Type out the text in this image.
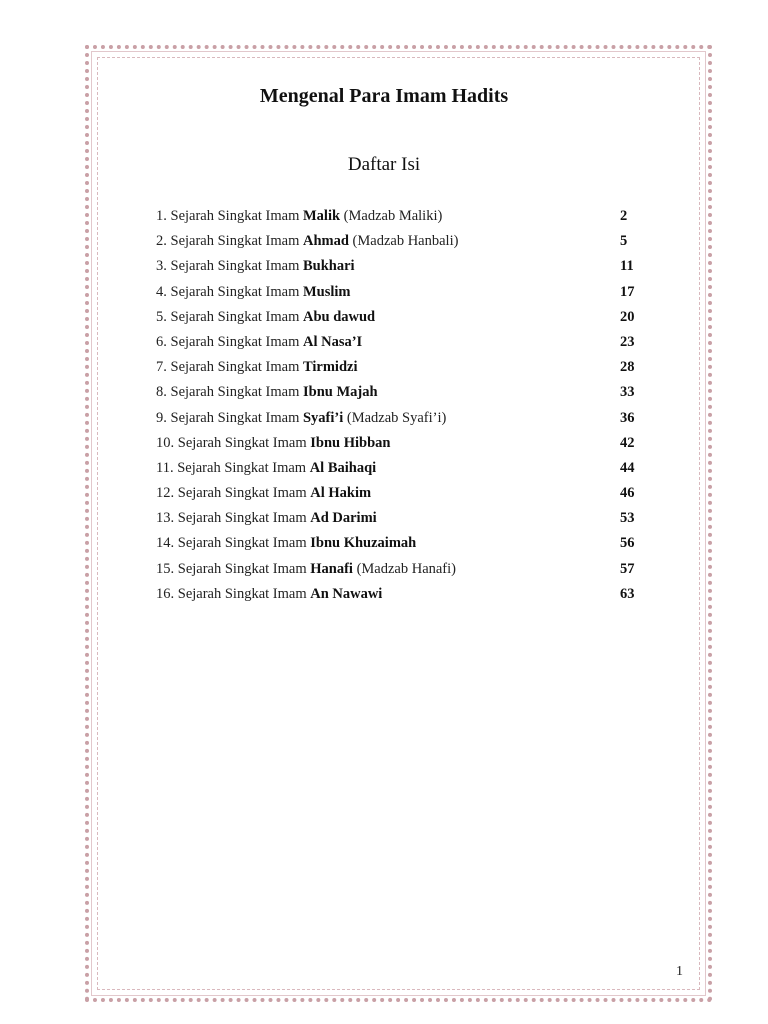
Mengenal Para Imam Hadits
Daftar Isi
1. Sejarah Singkat Imam Malik (Madzab Maliki)	2
2. Sejarah Singkat Imam Ahmad (Madzab Hanbali)	5
3. Sejarah Singkat Imam Bukhari	11
4. Sejarah Singkat Imam Muslim	17
5. Sejarah Singkat Imam Abu dawud	20
6. Sejarah Singkat Imam Al Nasa’I	23
7. Sejarah Singkat Imam Tirmidzi	28
8. Sejarah Singkat Imam Ibnu Majah	33
9. Sejarah Singkat Imam Syafi’i (Madzab Syafi’i)	36
10. Sejarah Singkat Imam Ibnu Hibban	42
11. Sejarah Singkat Imam Al Baihaqi	44
12. Sejarah Singkat Imam Al Hakim	46
13. Sejarah Singkat Imam Ad Darimi	53
14. Sejarah Singkat Imam Ibnu Khuzaimah	56
15. Sejarah Singkat Imam Hanafi (Madzab Hanafi)	57
16. Sejarah Singkat Imam An Nawawi	63
1
